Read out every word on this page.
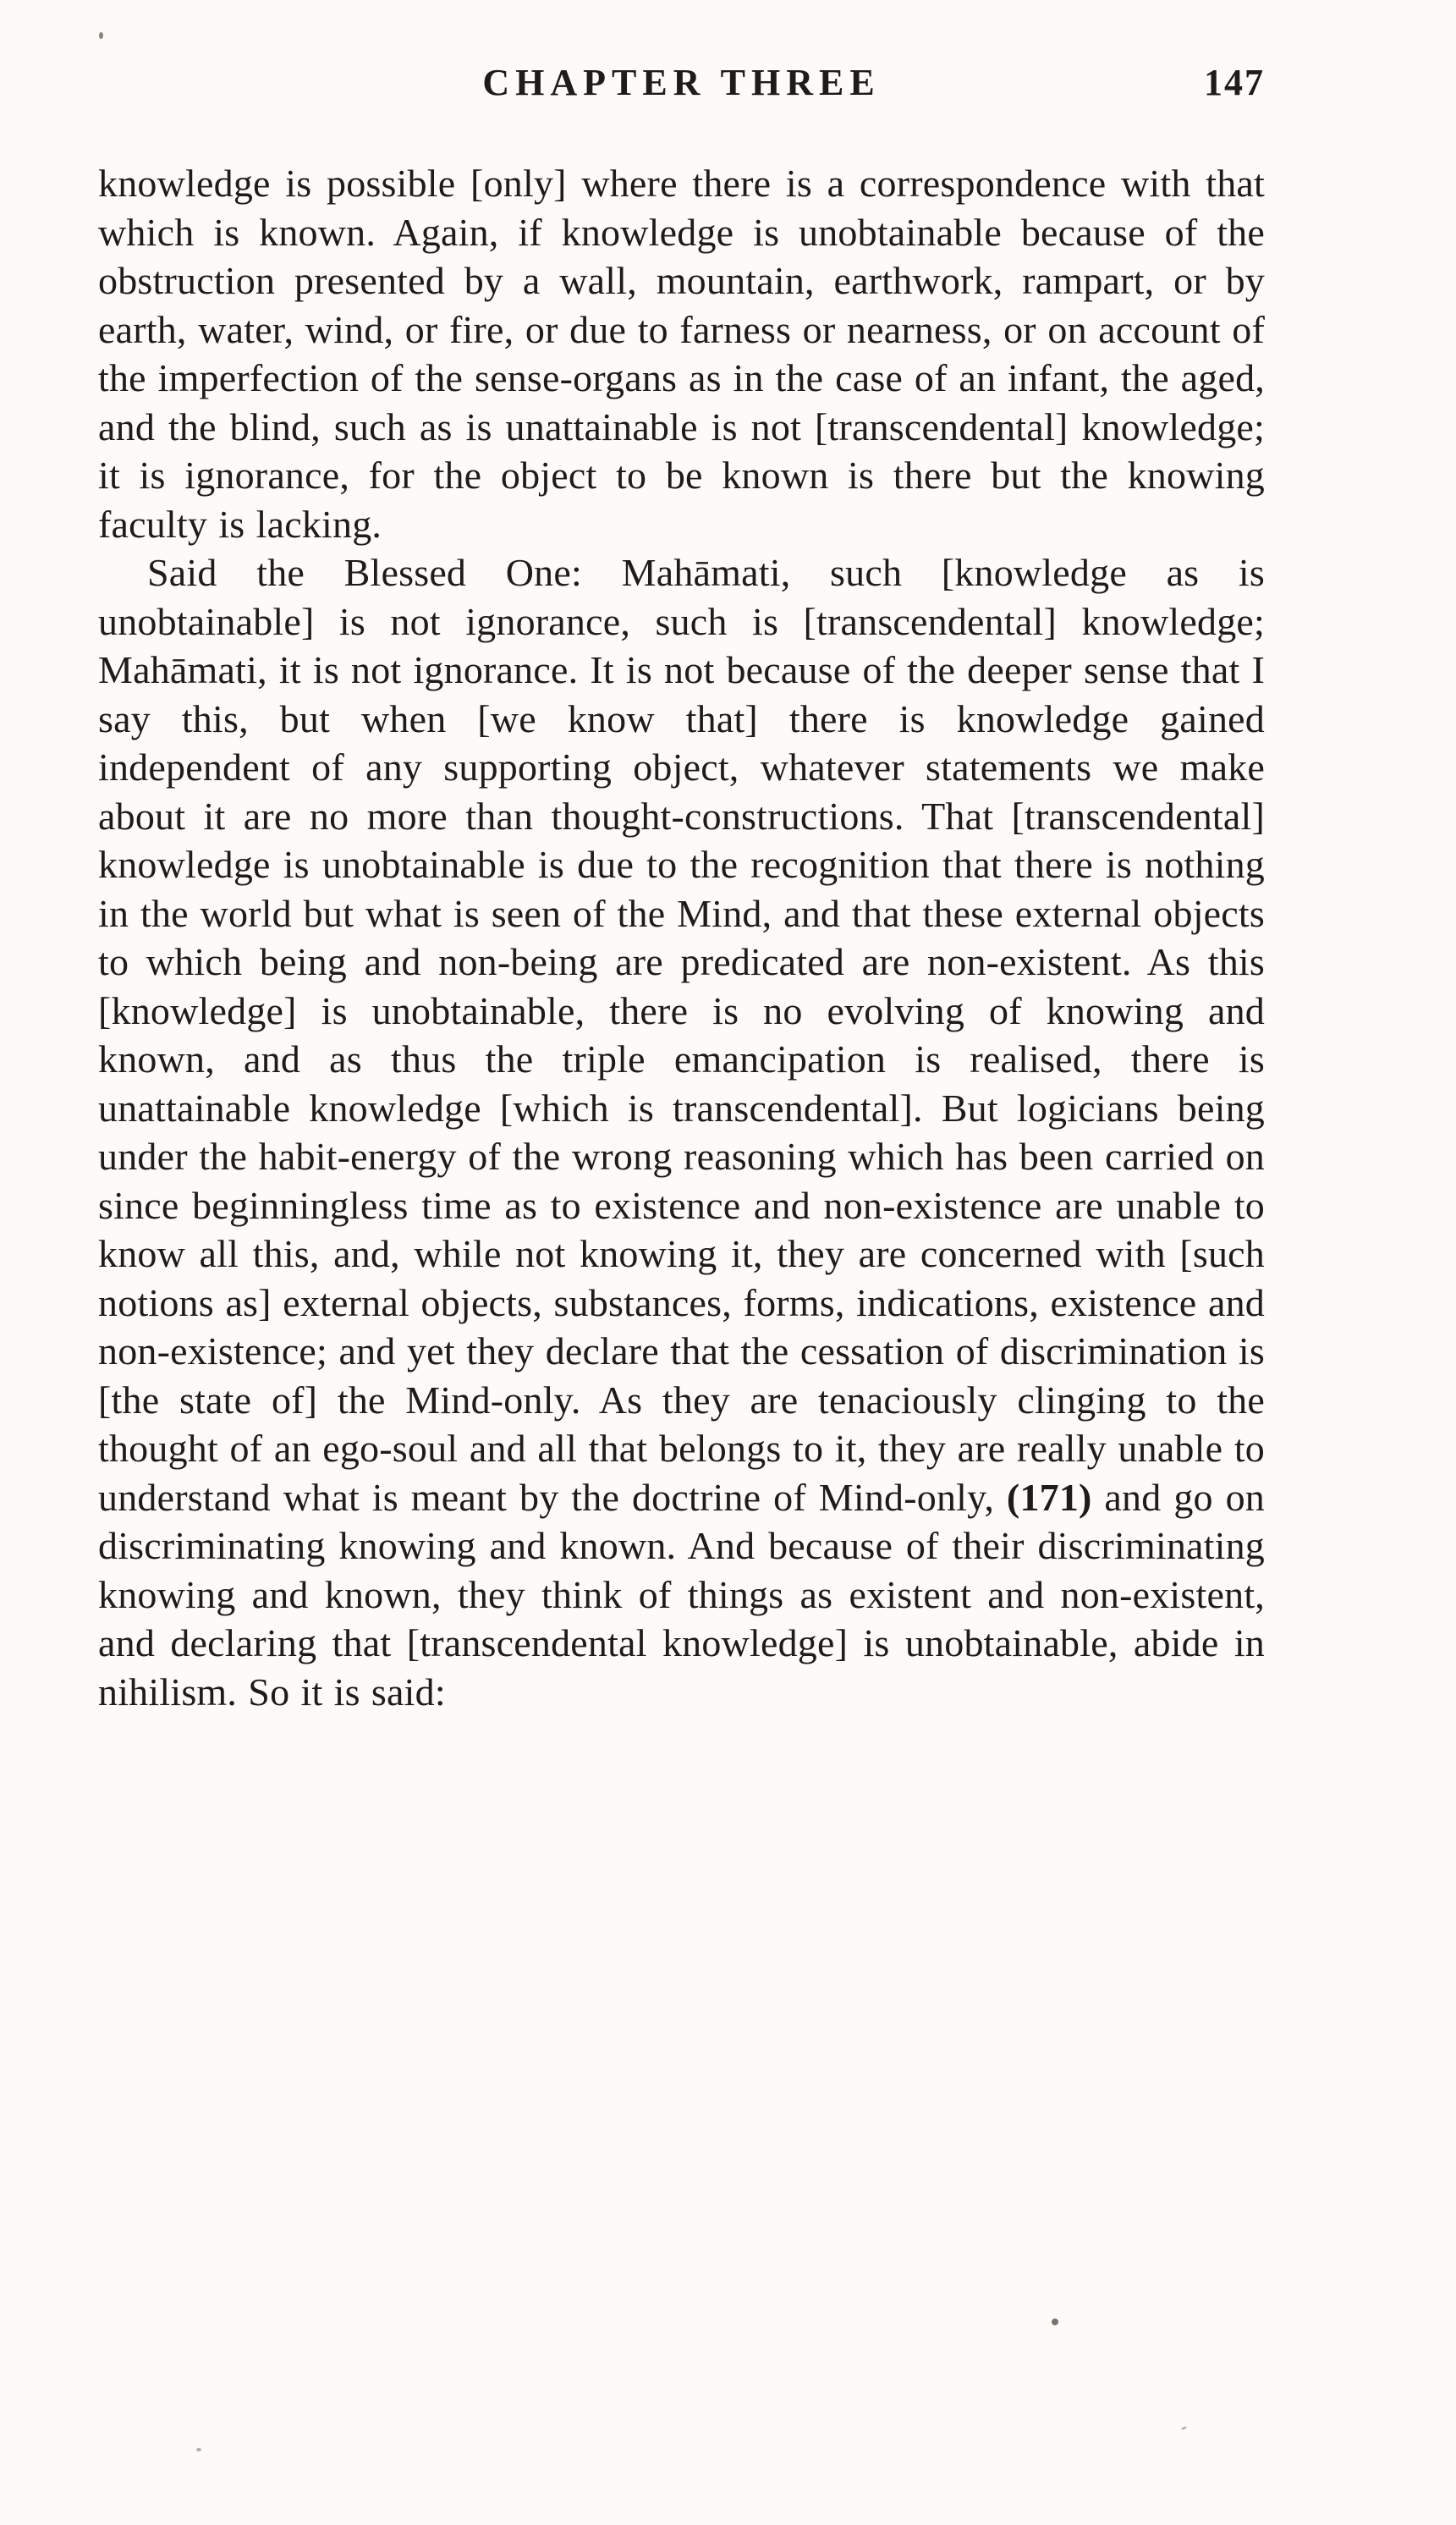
CHAPTER THREE	147

knowledge is possible [only] where there is a correspondence with that which is known. Again, if knowledge is unobtainable because of the obstruction presented by a wall, mountain, earthwork, rampart, or by earth, water, wind, or fire, or due to farness or nearness, or on account of the imperfection of the sense-organs as in the case of an infant, the aged, and the blind, such as is unattainable is not [transcendental] knowledge; it is ignorance, for the object to be known is there but the knowing faculty is lacking.

Said the Blessed One: Mahāmati, such [knowledge as is unobtainable] is not ignorance, such is [transcendental] knowledge; Mahāmati, it is not ignorance. It is not because of the deeper sense that I say this, but when [we know that] there is knowledge gained independent of any supporting object, whatever statements we make about it are no more than thought-constructions. That [transcendental] knowledge is unobtainable is due to the recognition that there is nothing in the world but what is seen of the Mind, and that these external objects to which being and non-being are predicated are non-existent. As this [knowledge] is unobtainable, there is no evolving of knowing and known, and as thus the triple emancipation is realised, there is unattainable knowledge [which is transcendental]. But logicians being under the habit-energy of the wrong reasoning which has been carried on since beginningless time as to existence and non-existence are unable to know all this, and, while not knowing it, they are concerned with [such notions as] external objects, substances, forms, indications, existence and non-existence; and yet they declare that the cessation of discrimination is [the state of] the Mind-only. As they are tenaciously clinging to the thought of an ego-soul and all that belongs to it, they are really unable to understand what is meant by the doctrine of Mind-only, (171) and go on discriminating knowing and known. And because of their discriminating knowing and known, they think of things as existent and non-existent, and declaring that [transcendental knowledge] is unobtainable, abide in nihilism. So it is said:
